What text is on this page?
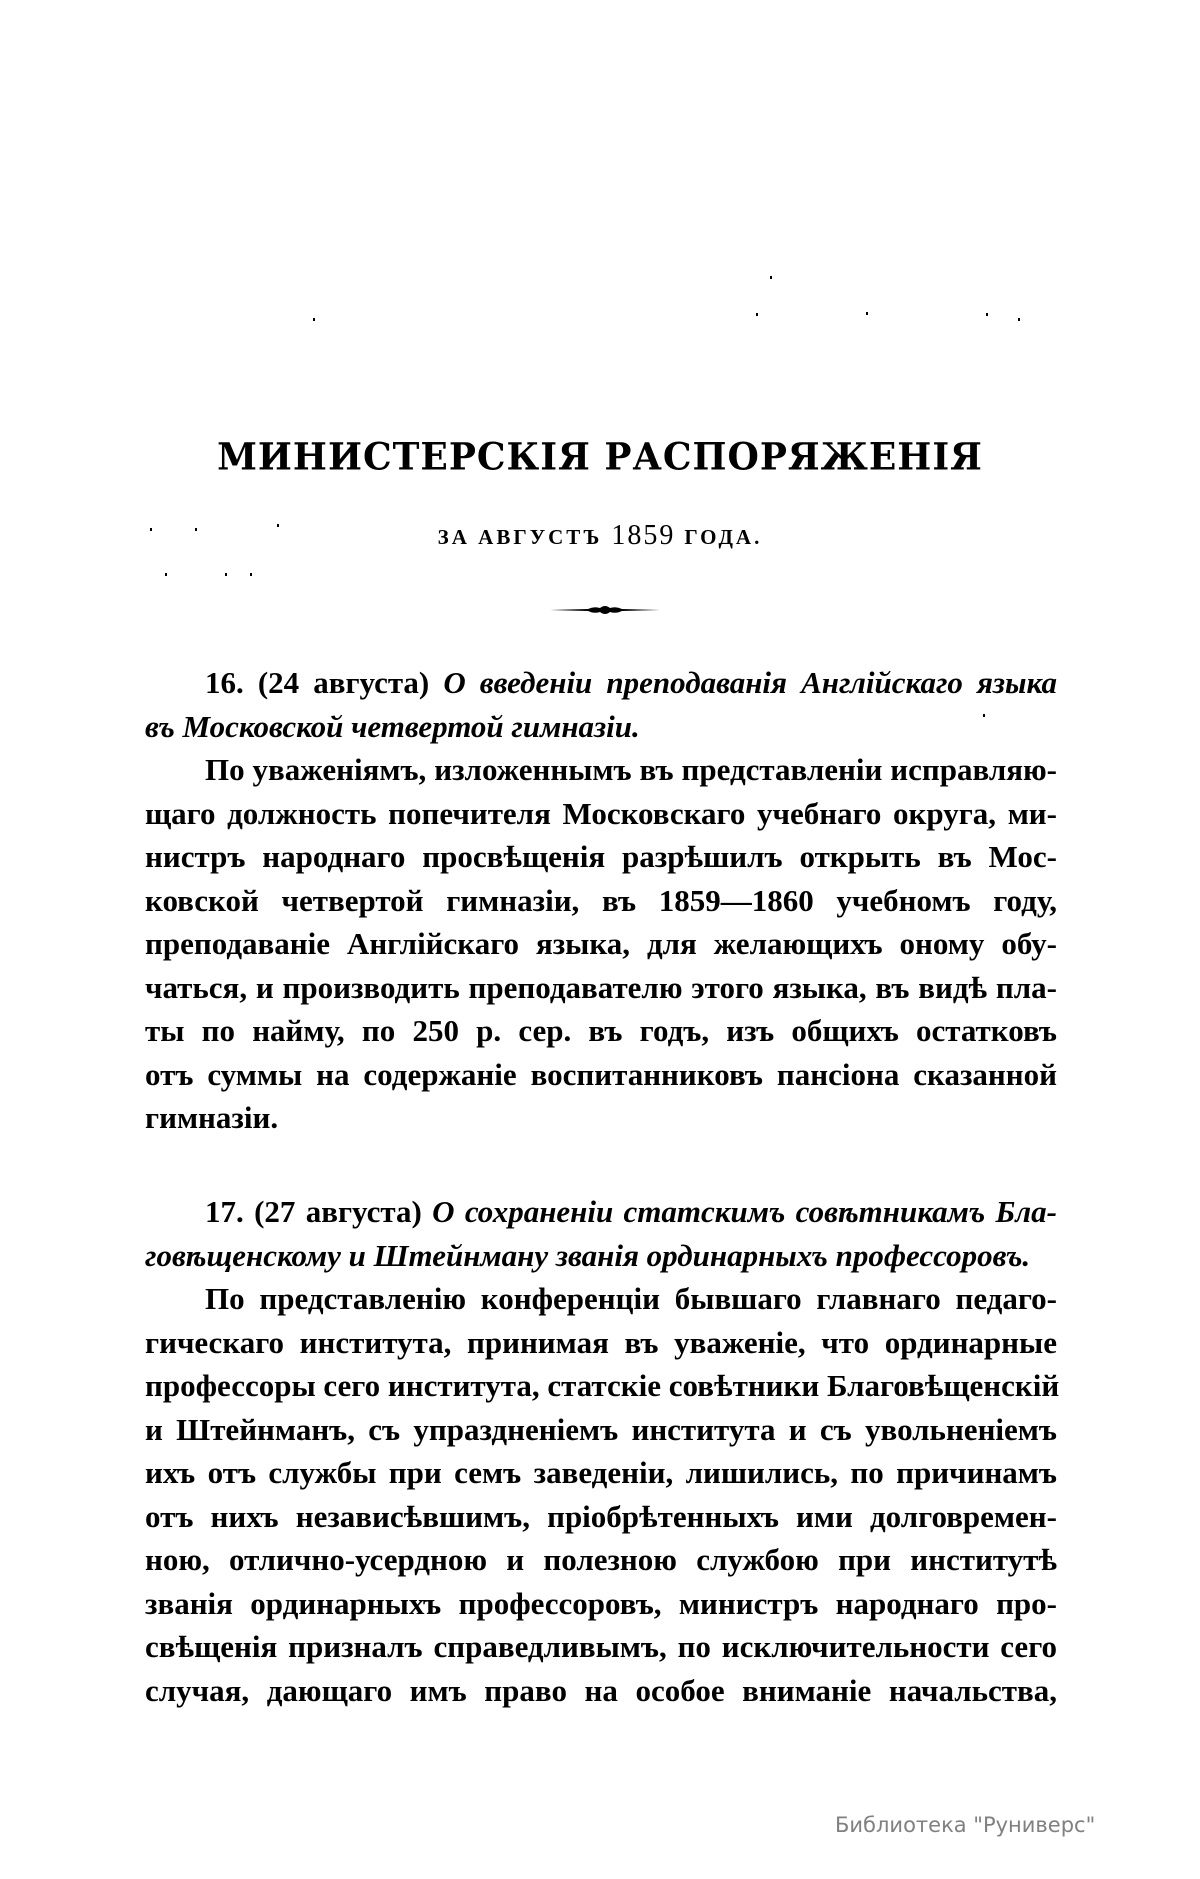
МИНИСТЕРСКІЯ РАСПОРЯЖЕНІЯ
ЗА АВГУСТЪ 1859 ГОДА.
16. (24 августа) О введеніи преподаванія Англійскаго языка
въ Московской четвертой гимназіи.
По уваженіямъ, изложеннымъ въ представленіи исправляю-
щаго должность попечителя Московскаго учебнаго округа, ми-
нистръ народнаго просвѣщенія разрѣшилъ открыть въ Мос-
ковской четвертой гимназіи, въ 1859—1860 учебномъ году,
преподаваніе Англійскаго языка, для желающихъ оному обу-
чаться, и производить преподавателю этого языка, въ видѣ пла-
ты по найму, по 250 р. сер. въ годъ, изъ общихъ остатковъ
отъ суммы на содержаніе воспитанниковъ пансіона сказанной
гимназіи.
17. (27 августа) О сохраненіи статскимъ совѣтникамъ Бла-
говѣщенскому и Штейнману званія ординарныхъ профессоровъ.
По представленію конференціи бывшаго главнаго педаго-
гическаго института, принимая въ уваженіе, что ординарные
профессоры сего института, статскіе совѣтники Благовѣщенскій
и Штейнманъ, съ упраздненіемъ института и съ увольненіемъ
ихъ отъ службы при семъ заведеніи, лишились, по причинамъ
отъ нихъ независѣвшимъ, пріобрѣтенныхъ ими долговремен-
ною, отлично-усердною и полезною службою при институтѣ
званія ординарныхъ профессоровъ, министръ народнаго про-
свѣщенія призналъ справедливымъ, по исключительности сего
случая, дающаго имъ право на особое вниманіе начальства,
Библиотека "Руниверс"
